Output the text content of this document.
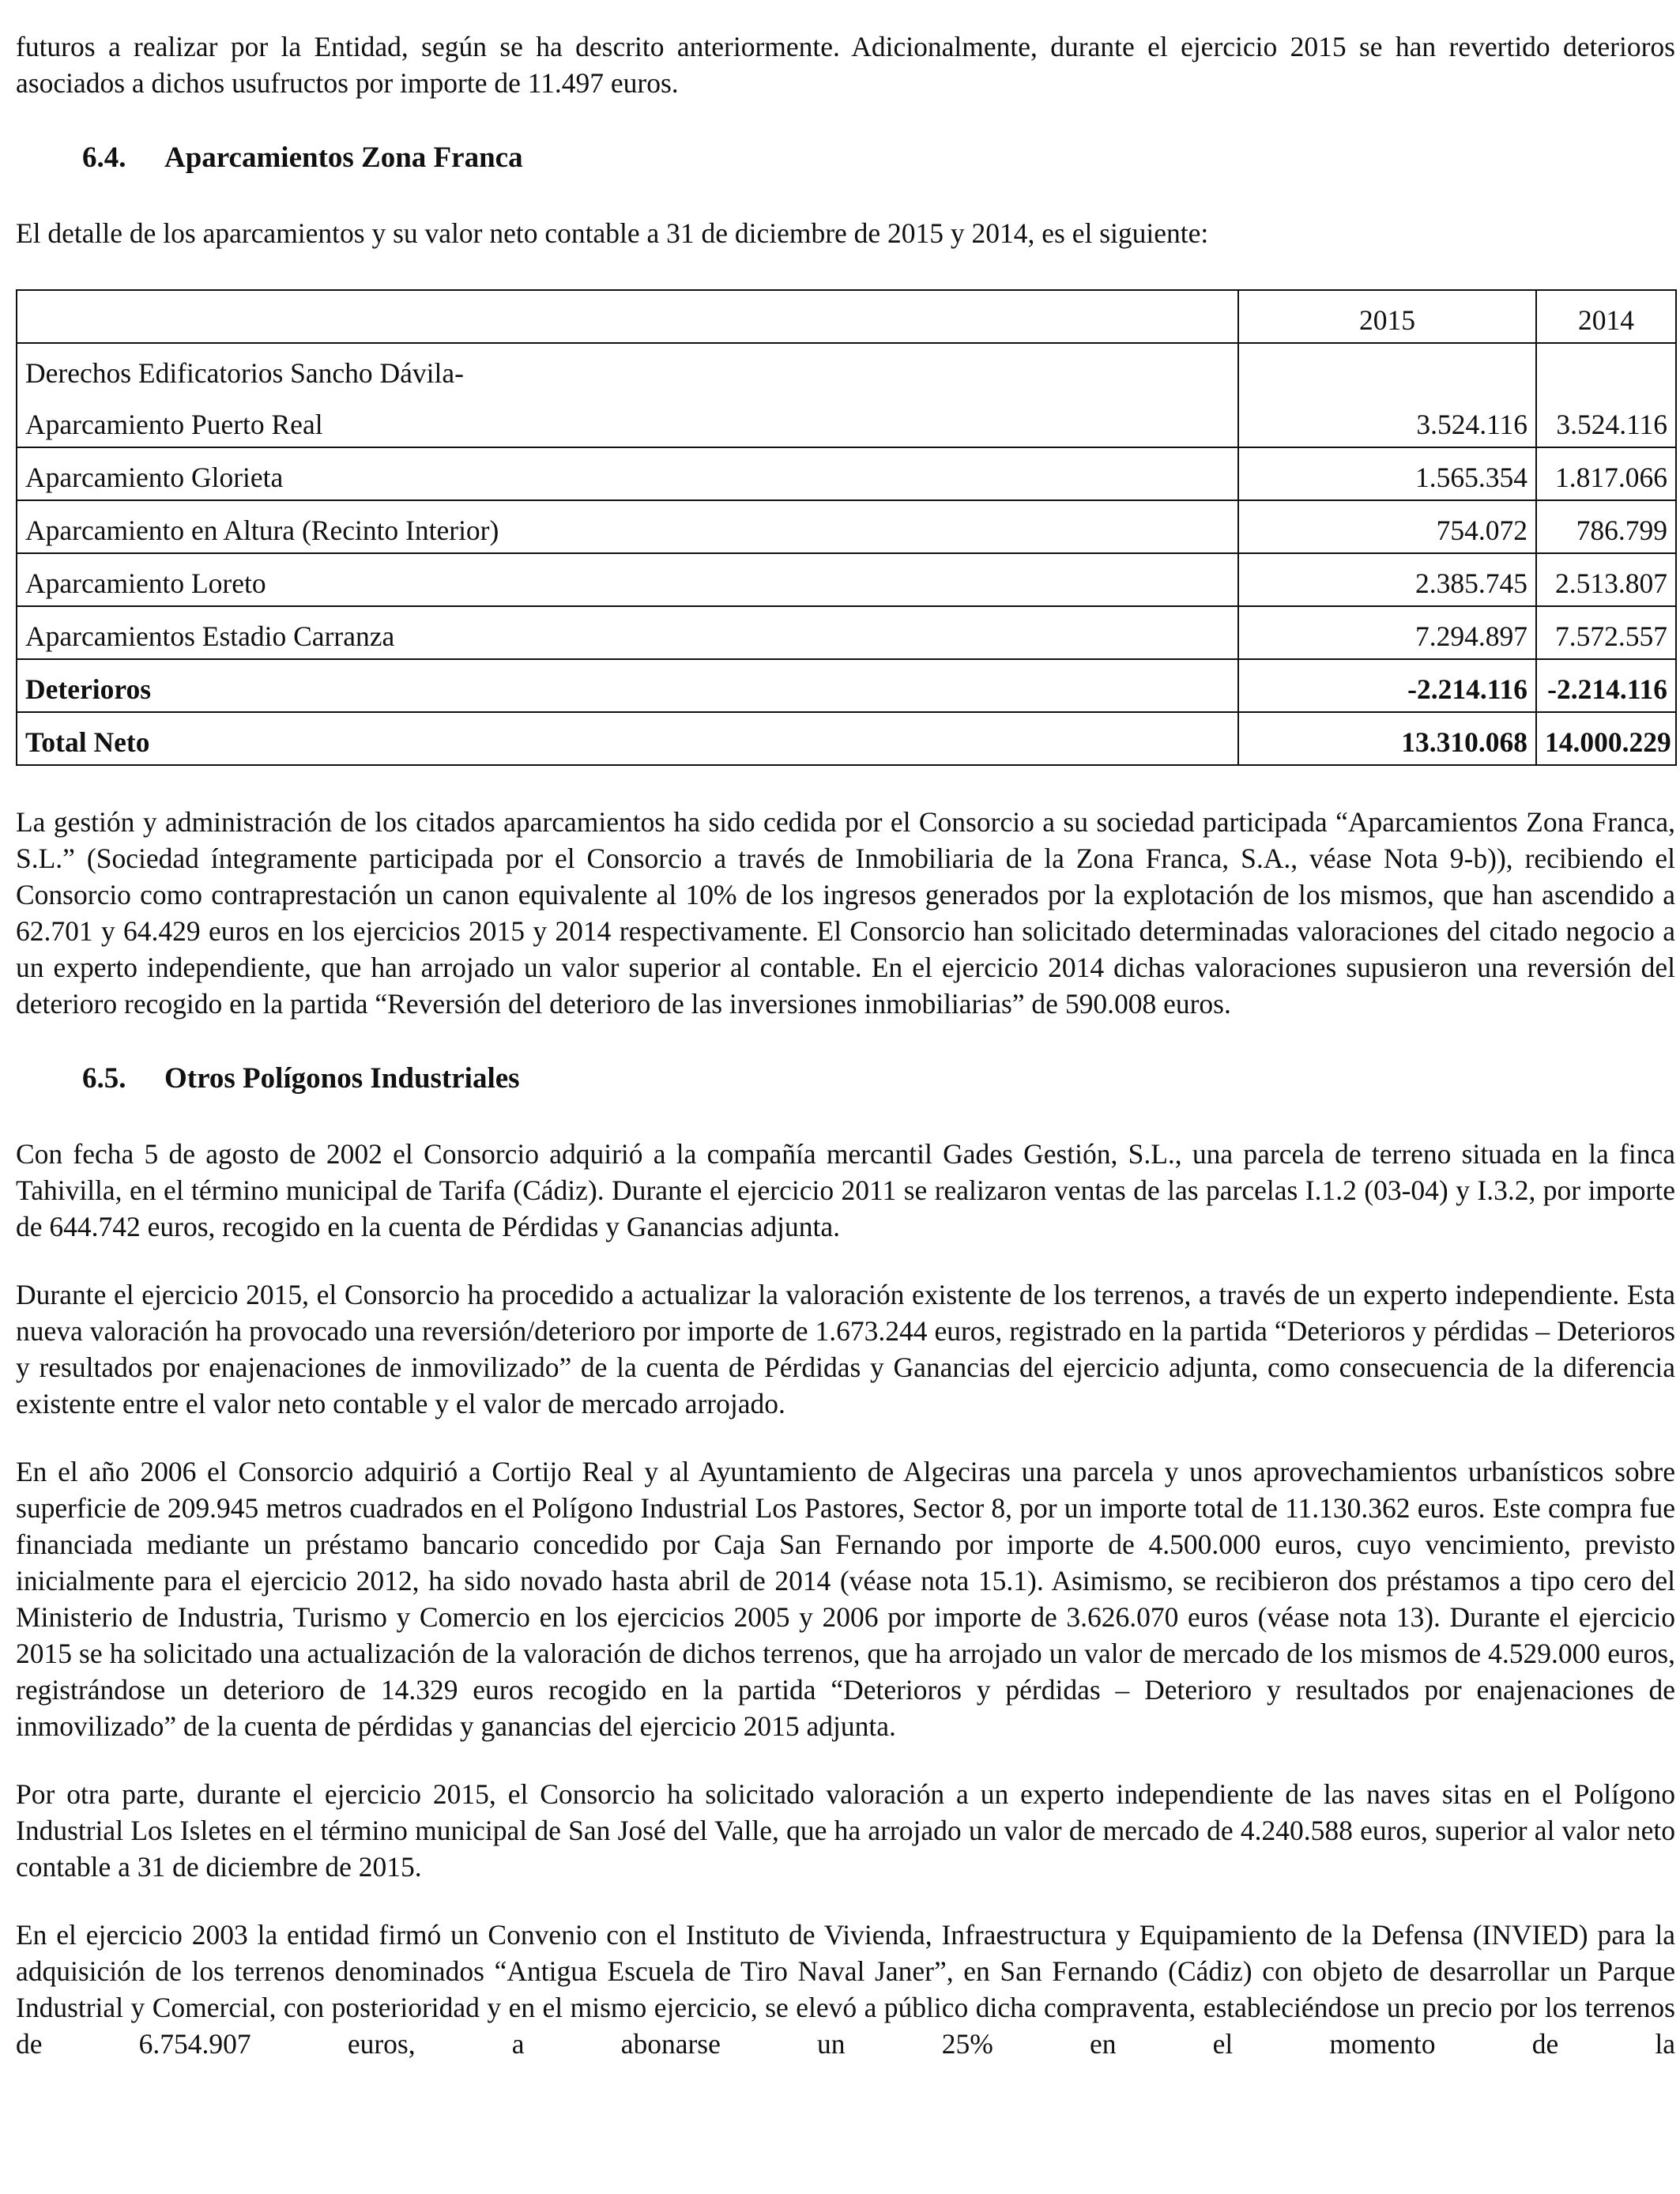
futuros a realizar por la Entidad, según se ha descrito anteriormente. Adicionalmente, durante el ejercicio 2015 se han revertido deterioros asociados a dichos usufructos por importe de 11.497 euros.

6.4. Aparcamientos Zona Franca

El detalle de los aparcamientos y su valor neto contable a 31 de diciembre de 2015 y 2014, es el siguiente:

	2015	2014
Derechos Edificatorios Sancho Dávila-		
Aparcamiento Puerto Real	3.524.116	3.524.116
Aparcamiento Glorieta	1.565.354	1.817.066
Aparcamiento en Altura (Recinto Interior)	754.072	786.799
Aparcamiento Loreto	2.385.745	2.513.807
Aparcamientos Estadio Carranza	7.294.897	7.572.557
Deterioros	-2.214.116	-2.214.116
Total Neto	13.310.068	14.000.229

La gestión y administración de los citados aparcamientos ha sido cedida por el Consorcio a su sociedad participada “Aparcamientos Zona Franca, S.L.” (Sociedad íntegramente participada por el Consorcio a través de Inmobiliaria de la Zona Franca, S.A., véase Nota 9-b)), recibiendo el Consorcio como contraprestación un canon equivalente al 10% de los ingresos generados por la explotación de los mismos, que han ascendido a 62.701 y 64.429 euros en los ejercicios 2015 y 2014 respectivamente. El Consorcio han solicitado determinadas valoraciones del citado negocio a un experto independiente, que han arrojado un valor superior al contable. En el ejercicio 2014 dichas valoraciones supusieron una reversión del deterioro recogido en la partida “Reversión del deterioro de las inversiones inmobiliarias” de 590.008 euros.

6.5. Otros Polígonos Industriales

Con fecha 5 de agosto de 2002 el Consorcio adquirió a la compañía mercantil Gades Gestión, S.L., una parcela de terreno situada en la finca Tahivilla, en el término municipal de Tarifa (Cádiz). Durante el ejercicio 2011 se realizaron ventas de las parcelas I.1.2 (03-04) y I.3.2, por importe de 644.742 euros, recogido en la cuenta de Pérdidas y Ganancias adjunta.

Durante el ejercicio 2015, el Consorcio ha procedido a actualizar la valoración existente de los terrenos, a través de un experto independiente. Esta nueva valoración ha provocado una reversión/deterioro por importe de 1.673.244 euros, registrado en la partida “Deterioros y pérdidas – Deterioros y resultados por enajenaciones de inmovilizado” de la cuenta de Pérdidas y Ganancias del ejercicio adjunta, como consecuencia de la diferencia existente entre el valor neto contable y el valor de mercado arrojado.

En el año 2006 el Consorcio adquirió a Cortijo Real y al Ayuntamiento de Algeciras una parcela y unos aprovechamientos urbanísticos sobre superficie de 209.945 metros cuadrados en el Polígono Industrial Los Pastores, Sector 8, por un importe total de 11.130.362 euros. Este compra fue financiada mediante un préstamo bancario concedido por Caja San Fernando por importe de 4.500.000 euros, cuyo vencimiento, previsto inicialmente para el ejercicio 2012, ha sido novado hasta abril de 2014 (véase nota 15.1). Asimismo, se recibieron dos préstamos a tipo cero del Ministerio de Industria, Turismo y Comercio en los ejercicios 2005 y 2006 por importe de 3.626.070 euros (véase nota 13). Durante el ejercicio 2015 se ha solicitado una actualización de la valoración de dichos terrenos, que ha arrojado un valor de mercado de los mismos de 4.529.000 euros, registrándose un deterioro de 14.329 euros recogido en la partida “Deterioros y pérdidas – Deterioro y resultados por enajenaciones de inmovilizado” de la cuenta de pérdidas y ganancias del ejercicio 2015 adjunta.

Por otra parte, durante el ejercicio 2015, el Consorcio ha solicitado valoración a un experto independiente de las naves sitas en el Polígono Industrial Los Isletes en el término municipal de San José del Valle, que ha arrojado un valor de mercado de 4.240.588 euros, superior al valor neto contable a 31 de diciembre de 2015.

En el ejercicio 2003 la entidad firmó un Convenio con el Instituto de Vivienda, Infraestructura y Equipamiento de la Defensa (INVIED) para la adquisición de los terrenos denominados “Antigua Escuela de Tiro Naval Janer”, en San Fernando (Cádiz) con objeto de desarrollar un Parque Industrial y Comercial, con posterioridad y en el mismo ejercicio, se elevó a público dicha compraventa, estableciéndose un precio por los terrenos de 6.754.907 euros, a abonarse un 25% en el momento de la
